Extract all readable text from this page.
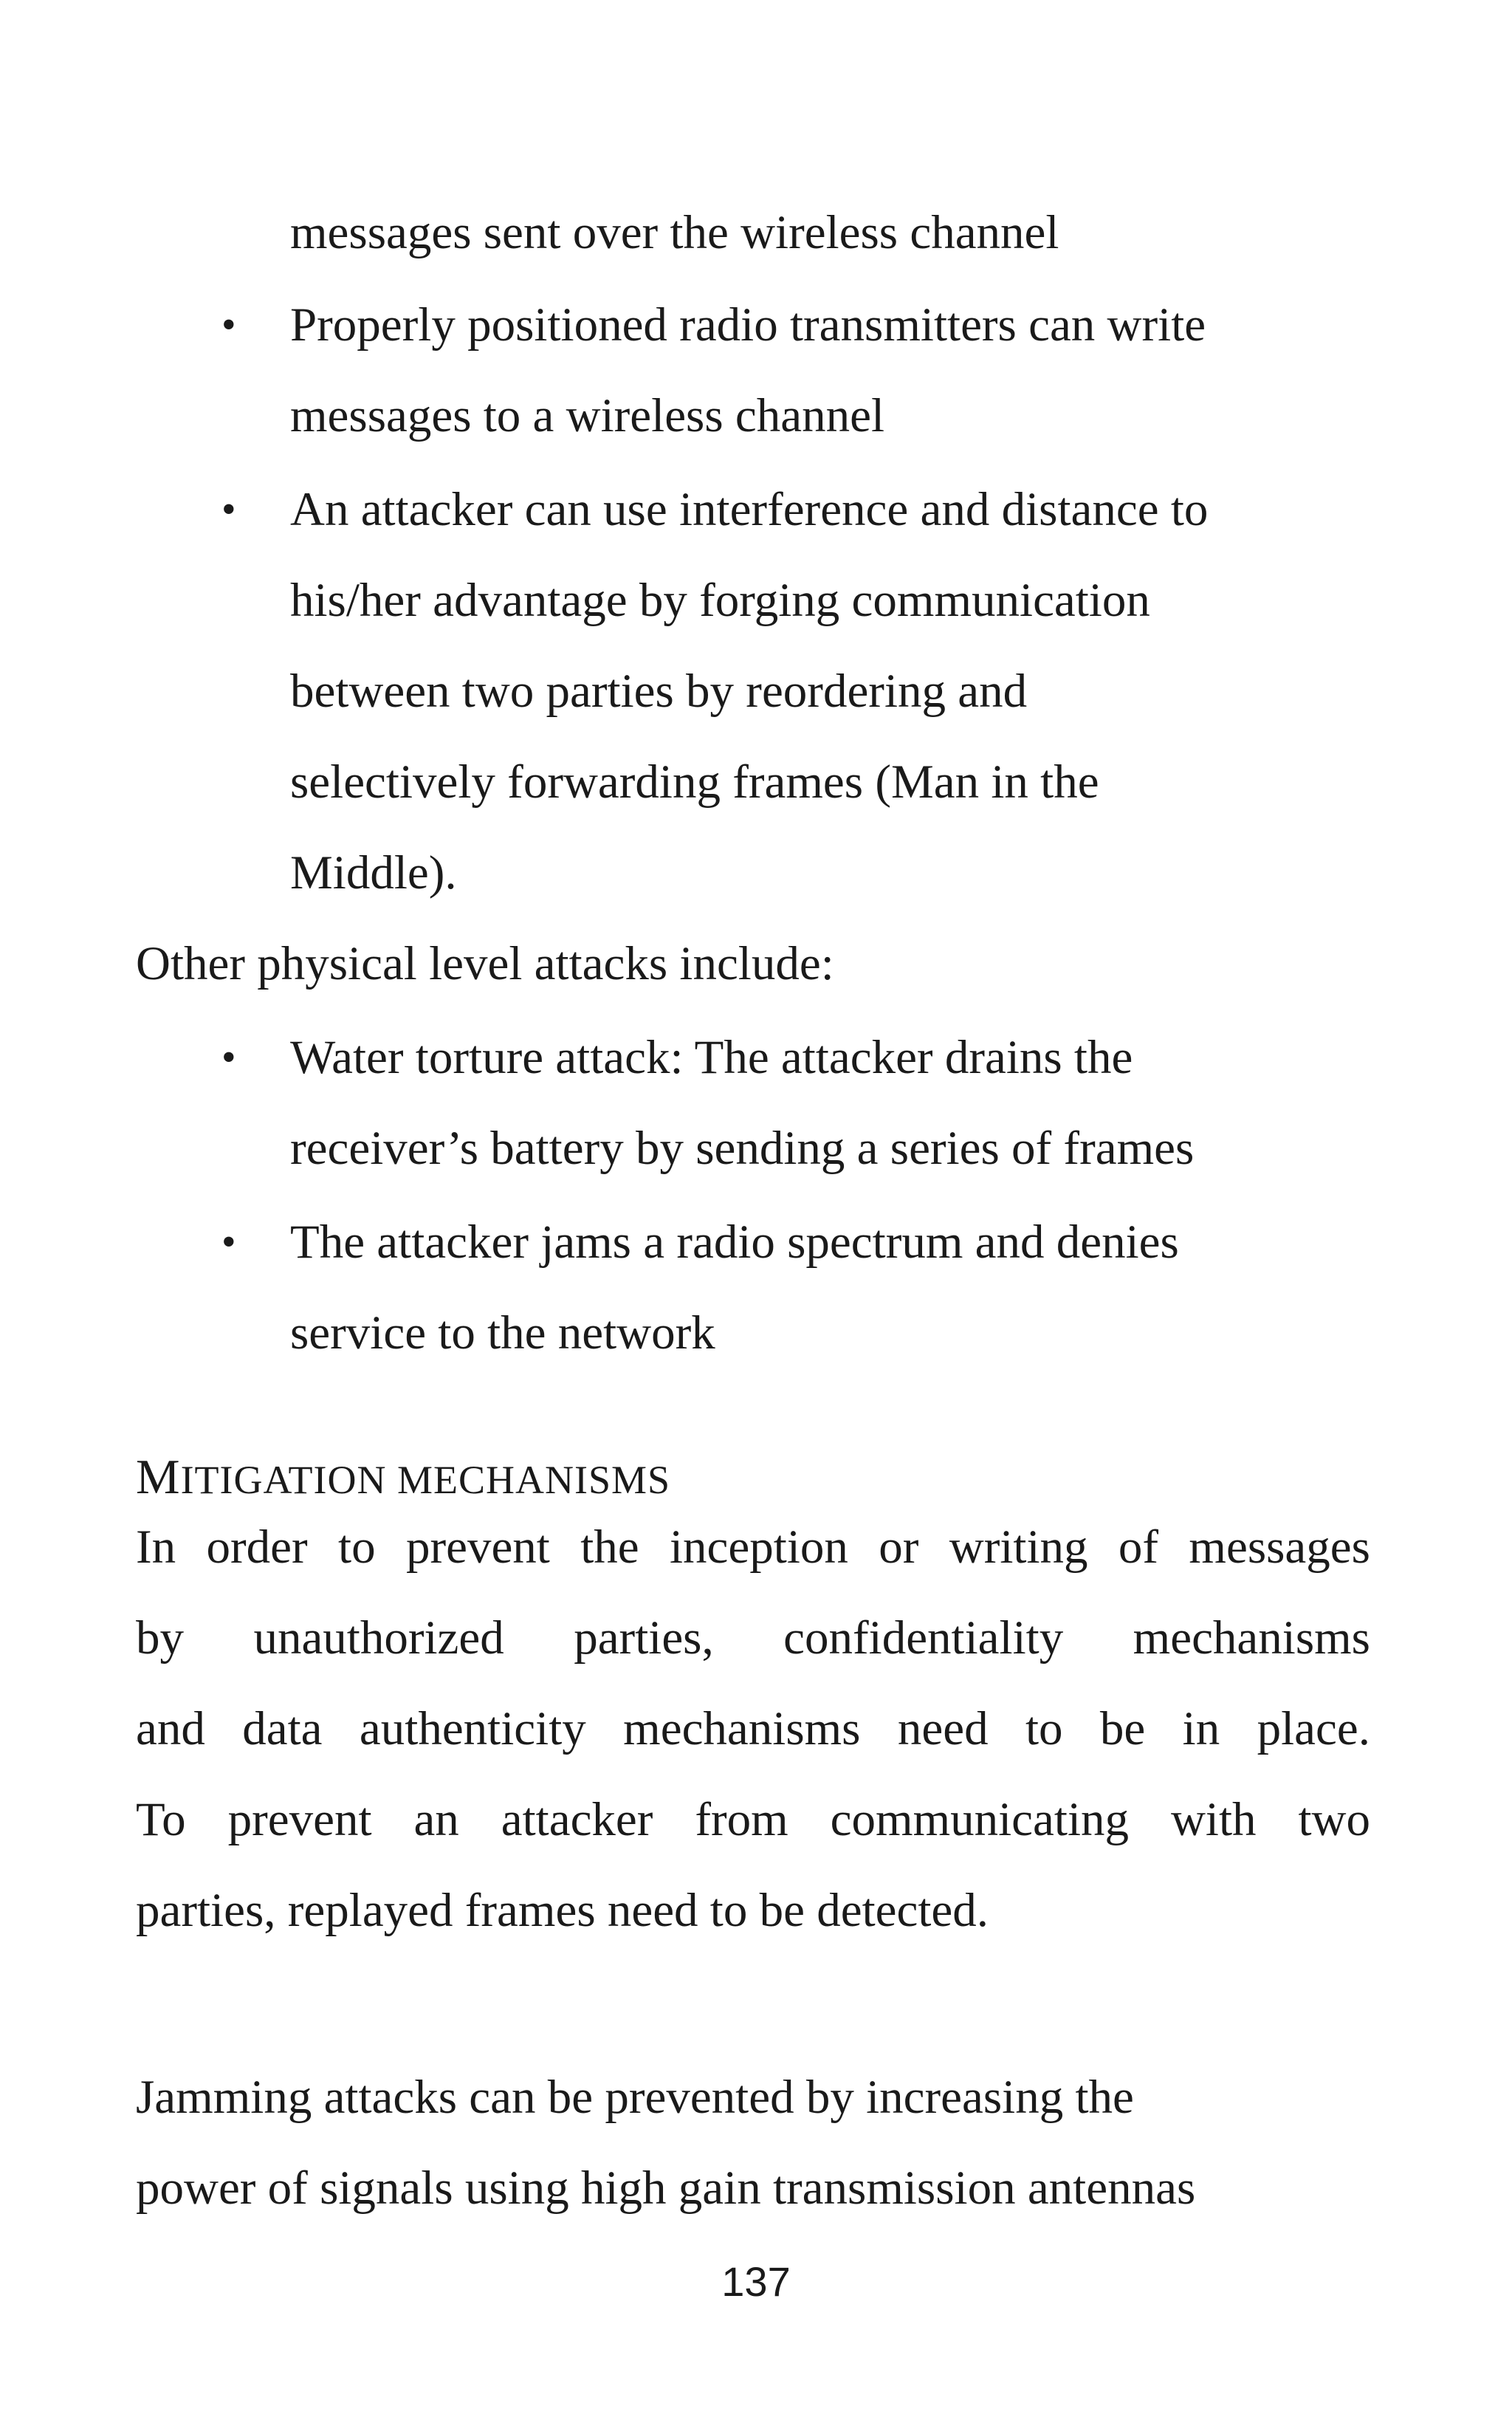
messages sent over the wireless channel
• Properly positioned radio transmitters can write
messages to a wireless channel
• An attacker can use interference and distance to
his/her advantage by forging communication
between two parties by reordering and
selectively forwarding frames (Man in the
Middle).
Other physical level attacks include:
• Water torture attack: The attacker drains the
receiver’s battery by sending a series of frames
• The attacker jams a radio spectrum and denies
service to the network
MITIGATION MECHANISMS
In order to prevent the inception or writing of messages
by unauthorized parties, confidentiality mechanisms
and data authenticity mechanisms need to be in place.
To prevent an attacker from communicating with two
parties, replayed frames need to be detected.
Jamming attacks can be prevented by increasing the
power of signals using high gain transmission antennas
137
